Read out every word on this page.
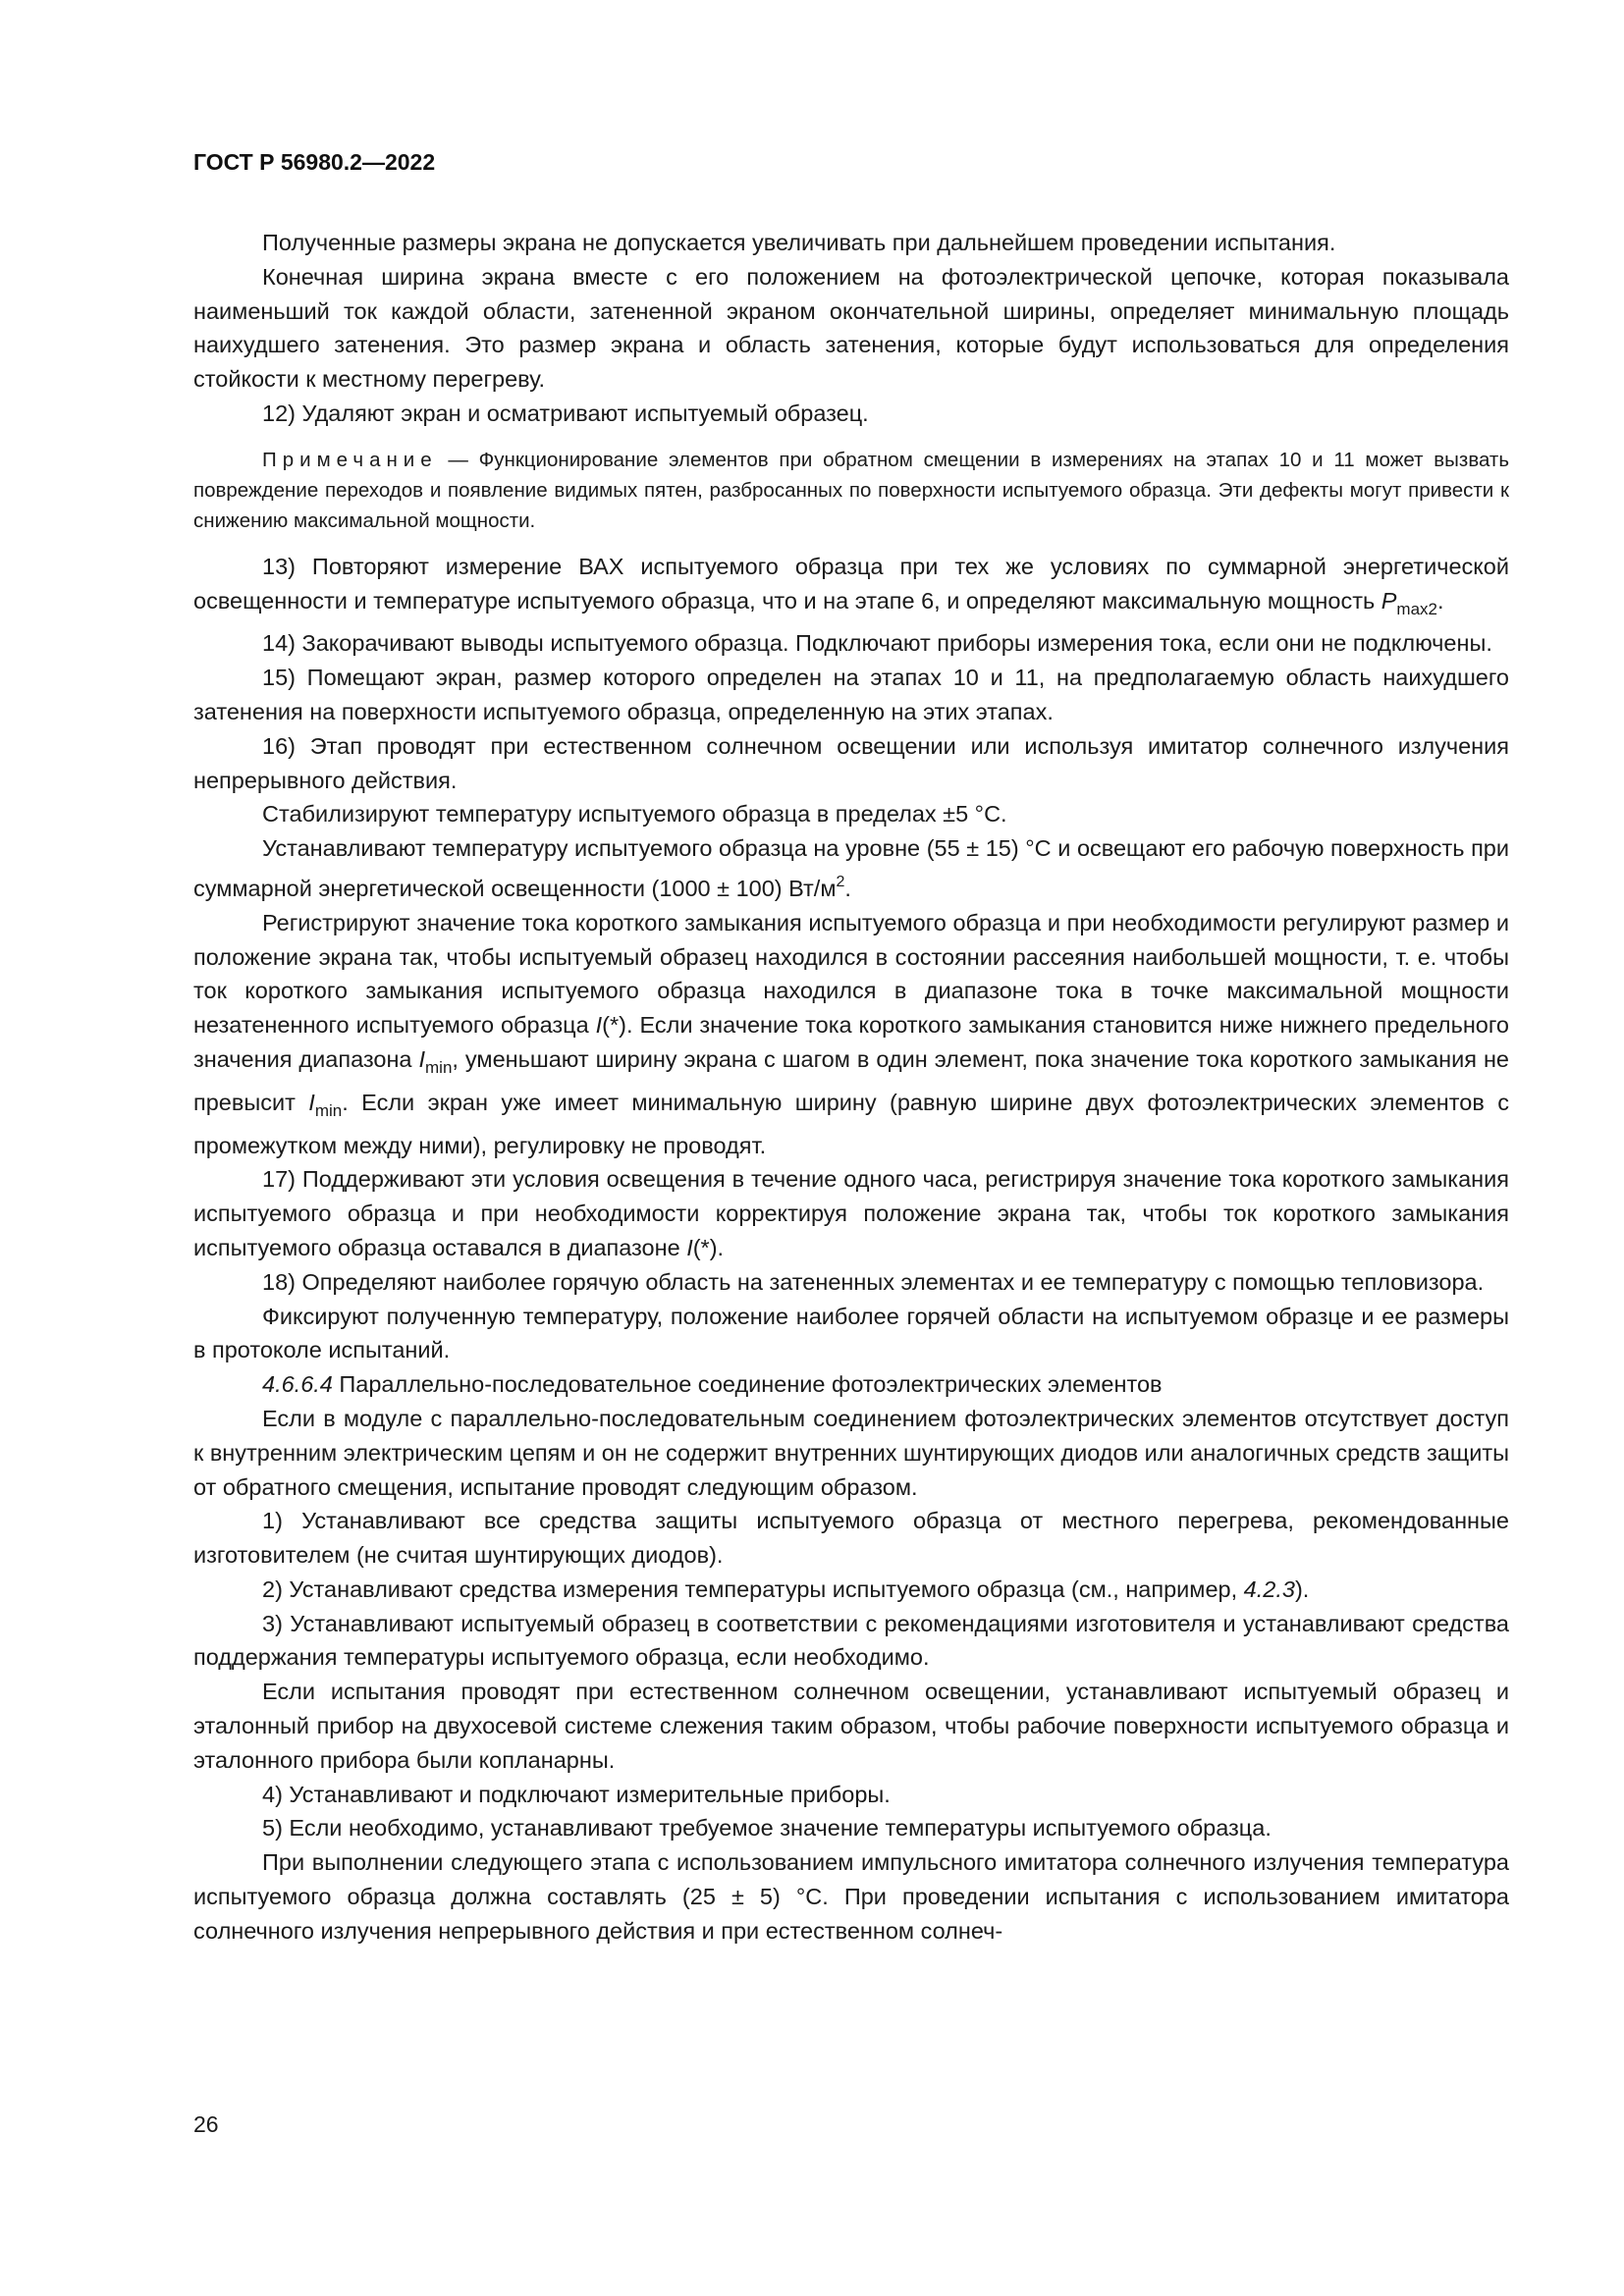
ГОСТ Р 56980.2—2022

Полученные размеры экрана не допускается увеличивать при дальнейшем проведении испытания.

Конечная ширина экрана вместе с его положением на фотоэлектрической цепочке, которая показывала наименьший ток каждой области, затененной экраном окончательной ширины, определяет минимальную площадь наихудшего затенения. Это размер экрана и область затенения, которые будут использоваться для определения стойкости к местному перегреву.

12) Удаляют экран и осматривают испытуемый образец.

Примечание — Функционирование элементов при обратном смещении в измерениях на этапах 10 и 11 может вызвать повреждение переходов и появление видимых пятен, разбросанных по поверхности испытуемого образца. Эти дефекты могут привести к снижению максимальной мощности.

13) Повторяют измерение ВАХ испытуемого образца при тех же условиях по суммарной энергетической освещенности и температуре испытуемого образца, что и на этапе 6, и определяют максимальную мощность $P_{max2}$.

14) Закорачивают выводы испытуемого образца. Подключают приборы измерения тока, если они не подключены.

15) Помещают экран, размер которого определен на этапах 10 и 11, на предполагаемую область наихудшего затенения на поверхности испытуемого образца, определенную на этих этапах.

16) Этап проводят при естественном солнечном освещении или используя имитатор солнечного излучения непрерывного действия.

Стабилизируют температуру испытуемого образца в пределах ±5 °С.

Устанавливают температуру испытуемого образца на уровне (55 ± 15) °С и освещают его рабочую поверхность при суммарной энергетической освещенности (1000 ± 100) $Вт/м^2$.

Регистрируют значение тока короткого замыкания испытуемого образца и при необходимости регулируют размер и положение экрана так, чтобы испытуемый образец находился в состоянии рассеяния наибольшей мощности, т. е. чтобы ток короткого замыкания испытуемого образца находился в диапазоне тока в точке максимальной мощности незатененного испытуемого образца I(*). Если значение тока короткого замыкания становится ниже нижнего предельного значения диапазона $I_{min}$, уменьшают ширину экрана с шагом в один элемент, пока значение тока короткого замыкания не превысит $I_{min}$. Если экран уже имеет минимальную ширину (равную ширине двух фотоэлектрических элементов с промежутком между ними), регулировку не проводят.

17) Поддерживают эти условия освещения в течение одного часа, регистрируя значение тока короткого замыкания испытуемого образца и при необходимости корректируя положение экрана так, чтобы ток короткого замыкания испытуемого образца оставался в диапазоне I(*).

18) Определяют наиболее горячую область на затененных элементах и ее температуру с помощью тепловизора.

Фиксируют полученную температуру, положение наиболее горячей области на испытуемом образце и ее размеры в протоколе испытаний.

4.6.6.4 Параллельно-последовательное соединение фотоэлектрических элементов

Если в модуле с параллельно-последовательным соединением фотоэлектрических элементов отсутствует доступ к внутренним электрическим цепям и он не содержит внутренних шунтирующих диодов или аналогичных средств защиты от обратного смещения, испытание проводят следующим образом.

1) Устанавливают все средства защиты испытуемого образца от местного перегрева, рекомендованные изготовителем (не считая шунтирующих диодов).

2) Устанавливают средства измерения температуры испытуемого образца (см., например, 4.2.3).

3) Устанавливают испытуемый образец в соответствии с рекомендациями изготовителя и устанавливают средства поддержания температуры испытуемого образца, если необходимо.

Если испытания проводят при естественном солнечном освещении, устанавливают испытуемый образец и эталонный прибор на двухосевой системе слежения таким образом, чтобы рабочие поверхности испытуемого образца и эталонного прибора были копланарны.

4) Устанавливают и подключают измерительные приборы.

5) Если необходимо, устанавливают требуемое значение температуры испытуемого образца.

При выполнении следующего этапа с использованием импульсного имитатора солнечного излучения температура испытуемого образца должна составлять (25 ± 5) °С. При проведении испытания с использованием имитатора солнечного излучения непрерывного действия и при естественном солнеч-

26
